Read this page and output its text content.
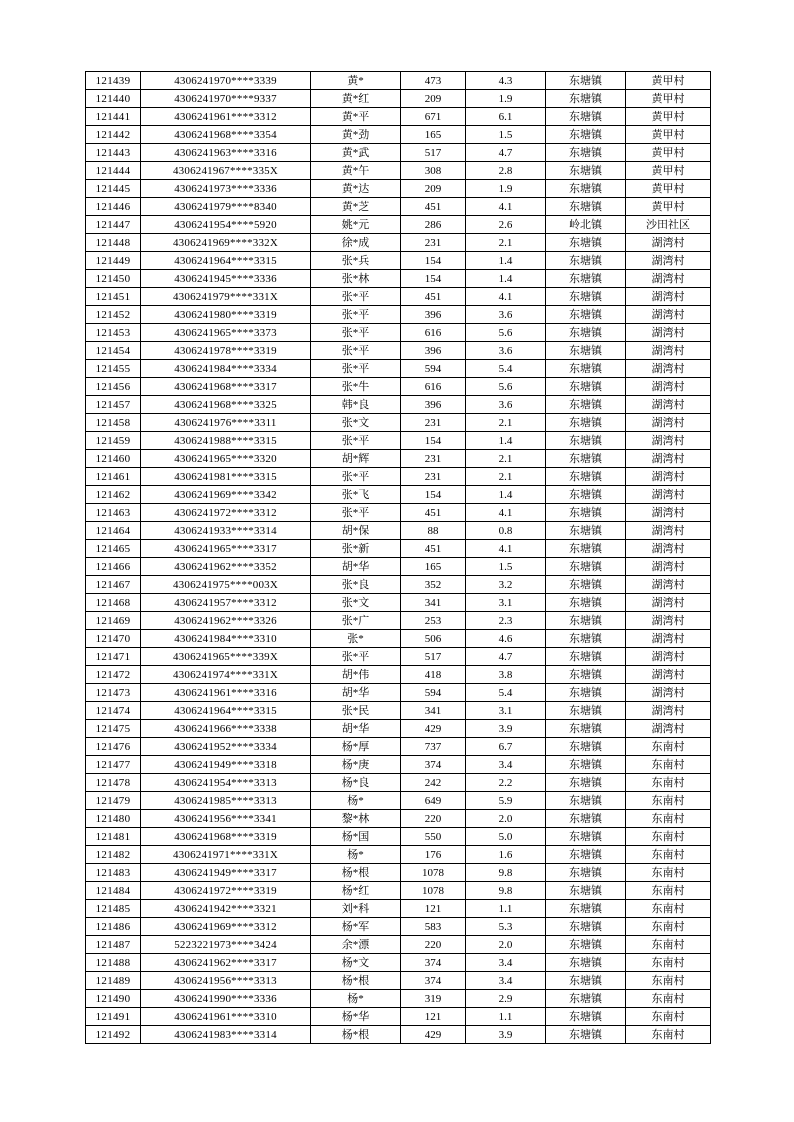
121439	4306241970****3339	黄*	473	4.3	东塘镇	黄甲村
121440	4306241970****9337	黄*红	209	1.9	东塘镇	黄甲村
121441	4306241961****3312	黄*平	671	6.1	东塘镇	黄甲村
121442	4306241968****3354	黄*劲	165	1.5	东塘镇	黄甲村
121443	4306241963****3316	黄*武	517	4.7	东塘镇	黄甲村
121444	4306241967****335X	黄*午	308	2.8	东塘镇	黄甲村
121445	4306241973****3336	黄*达	209	1.9	东塘镇	黄甲村
121446	4306241979****8340	黄*芝	451	4.1	东塘镇	黄甲村
121447	4306241954****5920	姚*元	286	2.6	岭北镇	沙田社区
121448	4306241969****332X	徐*成	231	2.1	东塘镇	湖湾村
121449	4306241964****3315	张*兵	154	1.4	东塘镇	湖湾村
121450	4306241945****3336	张*林	154	1.4	东塘镇	湖湾村
121451	4306241979****331X	张*平	451	4.1	东塘镇	湖湾村
121452	4306241980****3319	张*平	396	3.6	东塘镇	湖湾村
121453	4306241965****3373	张*平	616	5.6	东塘镇	湖湾村
121454	4306241978****3319	张*平	396	3.6	东塘镇	湖湾村
121455	4306241984****3334	张*平	594	5.4	东塘镇	湖湾村
121456	4306241968****3317	张*牛	616	5.6	东塘镇	湖湾村
121457	4306241968****3325	韩*良	396	3.6	东塘镇	湖湾村
121458	4306241976****3311	张*文	231	2.1	东塘镇	湖湾村
121459	4306241988****3315	张*平	154	1.4	东塘镇	湖湾村
121460	4306241965****3320	胡*辉	231	2.1	东塘镇	湖湾村
121461	4306241981****3315	张*平	231	2.1	东塘镇	湖湾村
121462	4306241969****3342	张*飞	154	1.4	东塘镇	湖湾村
121463	4306241972****3312	张*平	451	4.1	东塘镇	湖湾村
121464	4306241933****3314	胡*保	88	0.8	东塘镇	湖湾村
121465	4306241965****3317	张*新	451	4.1	东塘镇	湖湾村
121466	4306241962****3352	胡*华	165	1.5	东塘镇	湖湾村
121467	4306241975****003X	张*良	352	3.2	东塘镇	湖湾村
121468	4306241957****3312	张*文	341	3.1	东塘镇	湖湾村
121469	4306241962****3326	张*广	253	2.3	东塘镇	湖湾村
121470	4306241984****3310	张*	506	4.6	东塘镇	湖湾村
121471	4306241965****339X	张*平	517	4.7	东塘镇	湖湾村
121472	4306241974****331X	胡*伟	418	3.8	东塘镇	湖湾村
121473	4306241961****3316	胡*华	594	5.4	东塘镇	湖湾村
121474	4306241964****3315	张*民	341	3.1	东塘镇	湖湾村
121475	4306241966****3338	胡*华	429	3.9	东塘镇	湖湾村
121476	4306241952****3334	杨*厚	737	6.7	东塘镇	东南村
121477	4306241949****3318	杨*庚	374	3.4	东塘镇	东南村
121478	4306241954****3313	杨*良	242	2.2	东塘镇	东南村
121479	4306241985****3313	杨*	649	5.9	东塘镇	东南村
121480	4306241956****3341	黎*林	220	2.0	东塘镇	东南村
121481	4306241968****3319	杨*国	550	5.0	东塘镇	东南村
121482	4306241971****331X	杨*	176	1.6	东塘镇	东南村
121483	4306241949****3317	杨*根	1078	9.8	东塘镇	东南村
121484	4306241972****3319	杨*红	1078	9.8	东塘镇	东南村
121485	4306241942****3321	刘*科	121	1.1	东塘镇	东南村
121486	4306241969****3312	杨*军	583	5.3	东塘镇	东南村
121487	5223221973****3424	余*漂	220	2.0	东塘镇	东南村
121488	4306241962****3317	杨*文	374	3.4	东塘镇	东南村
121489	4306241956****3313	杨*根	374	3.4	东塘镇	东南村
121490	4306241990****3336	杨*	319	2.9	东塘镇	东南村
121491	4306241961****3310	杨*华	121	1.1	东塘镇	东南村
121492	4306241983****3314	杨*根	429	3.9	东塘镇	东南村
